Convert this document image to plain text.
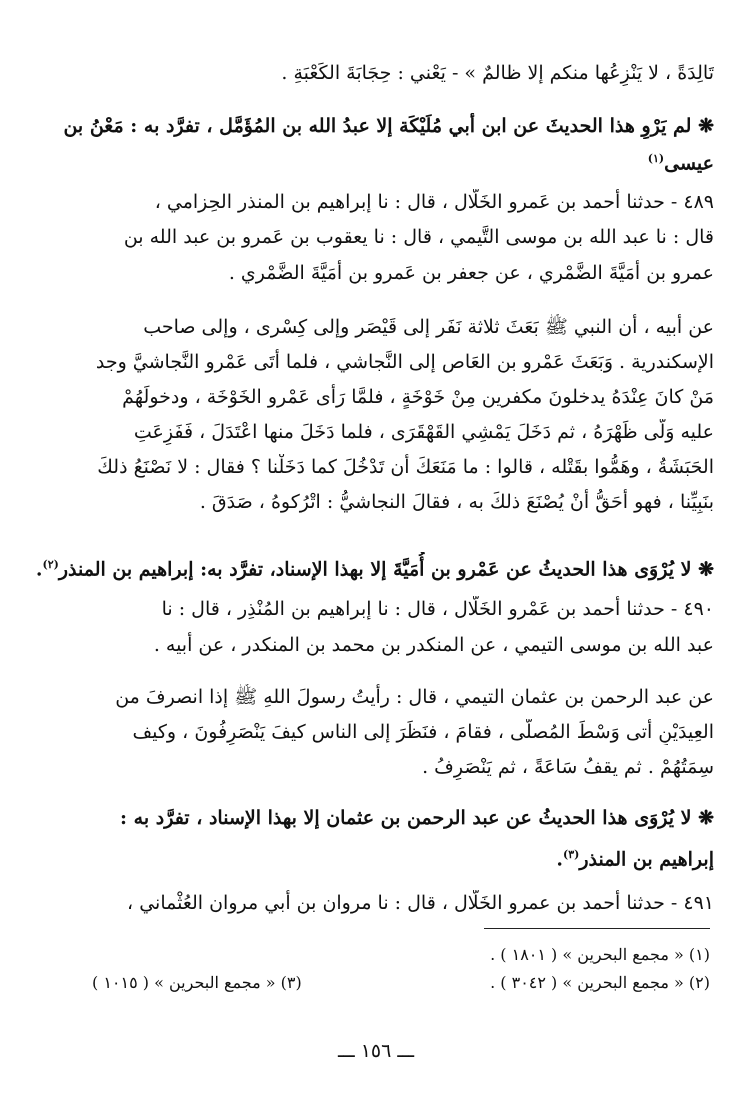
تَالِدَةً ، لا يَنْزِعُها منكم إلا ظالمٌ » - يَعْني : حِجَابَةَ الكَعْبَةِ .
❋ لم يَرْوِ هذا الحديثَ عن ابن أَبي مُلَيْكَة إلا عبدُ الله بن المُؤَمَّل ، تفرَّد به : مَعْنُ بن
عيسى$^{(١)}$
٤٨٩ - حدثنا أحمد بن عَمرو الخَلَّال ، قال : نا إبراهيم بن المنذر الحِزامي ،
قال : نا عبد الله بن موسى التَّيمي ، قال : نا يعقوب بن عَمرو بن عبد الله بن
عمرو بن أُمَيَّةَ الضَّمْري ، عن جعفر بن عَمرو بن أُمَيَّةَ الضَّمْري .
عن أبيه ، أن النبي ﷺ بَعَثَ ثلاثة نَفَر إلى قَيْصَر وإلى كِسْرى ، وإلى صاحب
الإسكندرية . وَبَعَثَ عَمْرو بن العَاص إلى النَّجاشي ، فلما أَتَى عَمْرو النَّجاشيَّ وجد
مَنْ كانَ عِنْدَهُ يدخلونَ مكفرين مِنْ خَوْخَةٍ ، فلمَّا رَأَى عَمْرو الخَوْخَة ، ودخولَهُمْ
عليه وَلَّى ظَهْرَهُ ، ثم دَخَلَ يَمْشِي القَهْقَرَى ، فلما دَخَلَ منها اعْتَدَلَ ، فَفَزِعَتِ
الحَبَشَةُ ، وهَمُّوا بقَتْله ، قالوا : ما مَنَعَكَ أن تَدْخُلَ كما دَخَلْنا ؟ فقال : لا نَصْنَعُ ذلكَ
بنَبِيِّنا ، فهو أحَقُّ أَنْ يُصْنَعَ ذلكَ به ، فقالَ النجاشيُّ : اتْرُكوهُ ، صَدَقَ .
❋ لا يُرْوَى هذا الحديثُ عن عَمْرو بن أُمَيَّةَ إلا بهذا الإسناد، تفرَّد به: إبراهيم بن المنذر$^{(٢)}$.
٤٩٠ - حدثنا أحمد بن عَمْرو الخَلَّال ، قال : نا إبراهيم بن المُنْذِر ، قال : نا
عبد الله بن موسى التيمي ، عن المنكدر بن محمد بن المنكدر ، عن أبيه .
عن عبد الرحمن بن عثمان التيمي ، قال : رأيتُ رسولَ اللهِ ﷺ إذا انصرفَ من
العِيدَيْنِ أتى وَسْطَ المُصلَّى ، فقامَ ، فنَظَرَ إلى الناس كيفَ يَنْصَرِفُونَ ، وكيف
سِمَتُهُمْ . ثم يقفُ سَاعَةً ، ثم يَنْصَرِفُ .
❋ لا يُرْوَى هذا الحديثُ عن عبد الرحمن بن عثمان إلا بهذا الإسناد ، تفرَّد به :
إبراهيم بن المنذر$^{(٣)}$.
٤٩١ - حدثنا أحمد بن عمرو الخَلَّال ، قال : نا مروان بن أبي مروان العُثْماني ،
(١) « مجمع البحرين » ( ١٨٠١ ) .
(٢) « مجمع البحرين » ( ٣٠٤٢ ) .
(٣) « مجمع البحرين » ( ١٠١٥ )
ـــ ١٥٦ ـــ
